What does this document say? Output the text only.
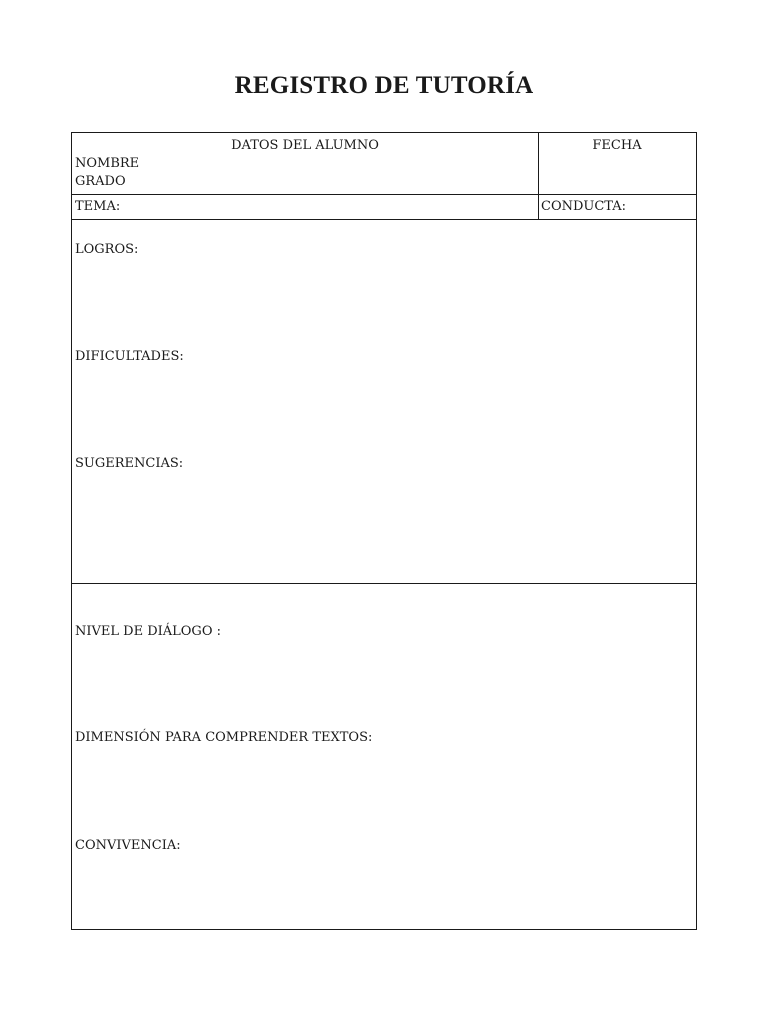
REGISTRO DE TUTORÍA
DATOS DEL ALUMNO	FECHA
NOMBRE
GRADO
TEMA:	CONDUCTA:
LOGROS:
DIFICULTADES:
SUGERENCIAS:
NIVEL DE DIÁLOGO :
DIMENSIÓN PARA COMPRENDER TEXTOS:
CONVIVENCIA:
